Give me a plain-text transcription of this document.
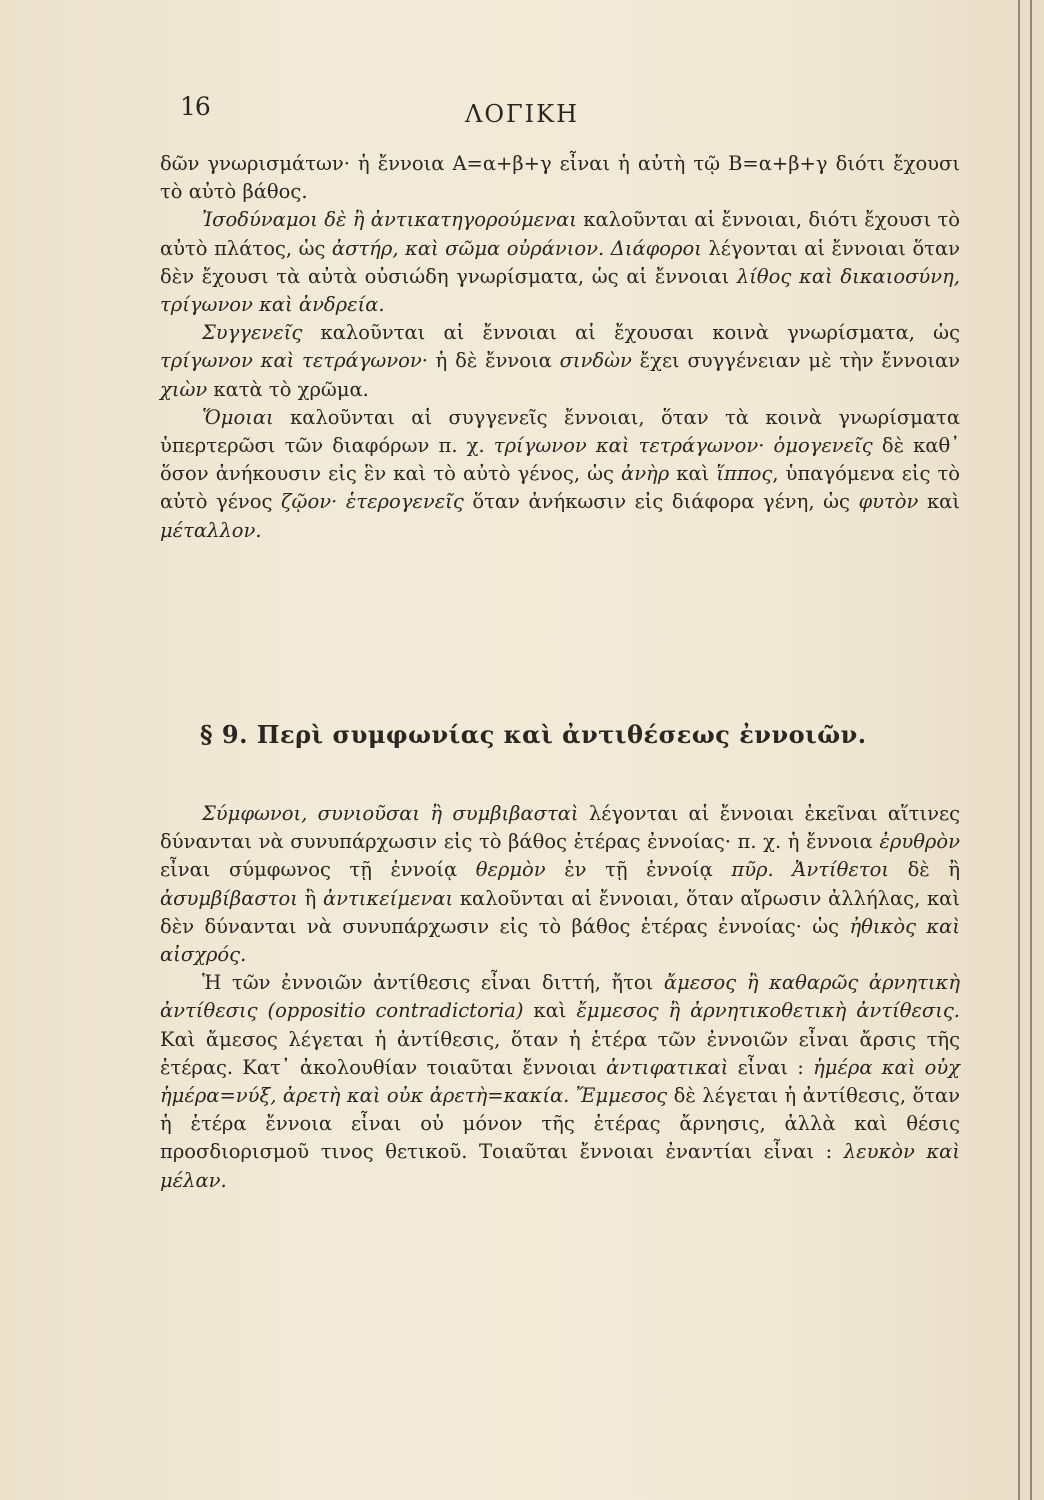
16	ΛΟΓΙΚΗ

δῶν γνωρισμάτων· ἡ ἔννοια Α=α+β+γ εἶναι ἡ αὐτὴ τῷ Β=α+β+γ διότι ἔχουσι τὸ αὐτὸ βάθος.

Ἰσοδύναμοι δὲ ἢ ἀντικατηγορούμεναι καλοῦνται αἱ ἔννοιαι, διότι ἔχουσι τὸ αὐτὸ πλάτος, ὡς ἀστήρ, καὶ σῶμα οὐράνιον. Διάφοροι λέγονται αἱ ἔννοιαι ὅταν δὲν ἔχουσι τὰ αὐτὰ οὐσιώδη γνωρίσματα, ὡς αἱ ἔννοιαι λίθος καὶ δικαιοσύνη, τρίγωνον καὶ ἀνδρεία.

Συγγενεῖς καλοῦνται αἱ ἔννοιαι αἱ ἔχουσαι κοινὰ γνωρίσματα, ὡς τρίγωνον καὶ τετράγωνον· ἡ δὲ ἔννοια σινδὼν ἔχει συγγένειαν μὲ τὴν ἔννοιαν χιὼν κατὰ τὸ χρῶμα.

Ὅμοιαι καλοῦνται αἱ συγγενεῖς ἔννοιαι, ὅταν τὰ κοινὰ γνωρίσματα ὑπερτερῶσι τῶν διαφόρων π. χ. τρίγωνον καὶ τετράγωνον· ὁμογενεῖς δὲ καθ᾽ ὅσον ἀνήκουσιν εἰς ἓν καὶ τὸ αὐτὸ γένος, ὡς ἀνὴρ καὶ ἵππος, ὑπαγόμενα εἰς τὸ αὐτὸ γένος ζῷον· ἑτερογενεῖς ὅταν ἀνήκωσιν εἰς διάφορα γένη, ὡς φυτὸν καὶ μέταλλον.

§ 9. Περὶ συμφωνίας καὶ ἀντιθέσεως ἐννοιῶν.

Σύμφωνοι, συνιοῦσαι ἢ συμβιβασταὶ λέγονται αἱ ἔννοιαι ἐκεῖναι αἵτινες δύνανται νὰ συνυπάρχωσιν εἰς τὸ βάθος ἑτέρας ἐννοίας· π. χ. ἡ ἔννοια ἐρυθρὸν εἶναι σύμφωνος τῇ ἐννοίᾳ θερμὸν ἐν τῇ ἐννοίᾳ πῦρ. Ἀντίθετοι δὲ ἢ ἀσυμβίβαστοι ἢ ἀντικείμεναι καλοῦνται αἱ ἔννοιαι, ὅταν αἴρωσιν ἀλλήλας, καὶ δὲν δύνανται νὰ συνυπάρχωσιν εἰς τὸ βάθος ἑτέρας ἐννοίας· ὡς ἠθικὸς καὶ αἰσχρός.

Ἡ τῶν ἐννοιῶν ἀντίθεσις εἶναι διττή, ἤτοι ἄμεσος ἢ καθαρῶς ἀρνητικὴ ἀντίθεσις (oppositio contradictoria) καὶ ἔμμεσος ἢ ἀρνητικοθετικὴ ἀντίθεσις. Καὶ ἄμεσος λέγεται ἡ ἀντίθεσις, ὅταν ἡ ἑτέρα τῶν ἐννοιῶν εἶναι ἄρσις τῆς ἑτέρας. Κατ᾽ ἀκολουθίαν τοιαῦται ἔννοιαι ἀντιφατικαὶ εἶναι : ἡμέρα καὶ οὐχ ἡμέρα=νύξ, ἀρετὴ καὶ οὐκ ἀρετὴ=κακία. Ἔμμεσος δὲ λέγεται ἡ ἀντίθεσις, ὅταν ἡ ἑτέρα ἔννοια εἶναι οὐ μόνον τῆς ἑτέρας ἄρνησις, ἀλλὰ καὶ θέσις προσδιορισμοῦ τινος θετικοῦ. Τοιαῦται ἔννοιαι ἐναντίαι εἶναι : λευκὸν καὶ μέλαν.
